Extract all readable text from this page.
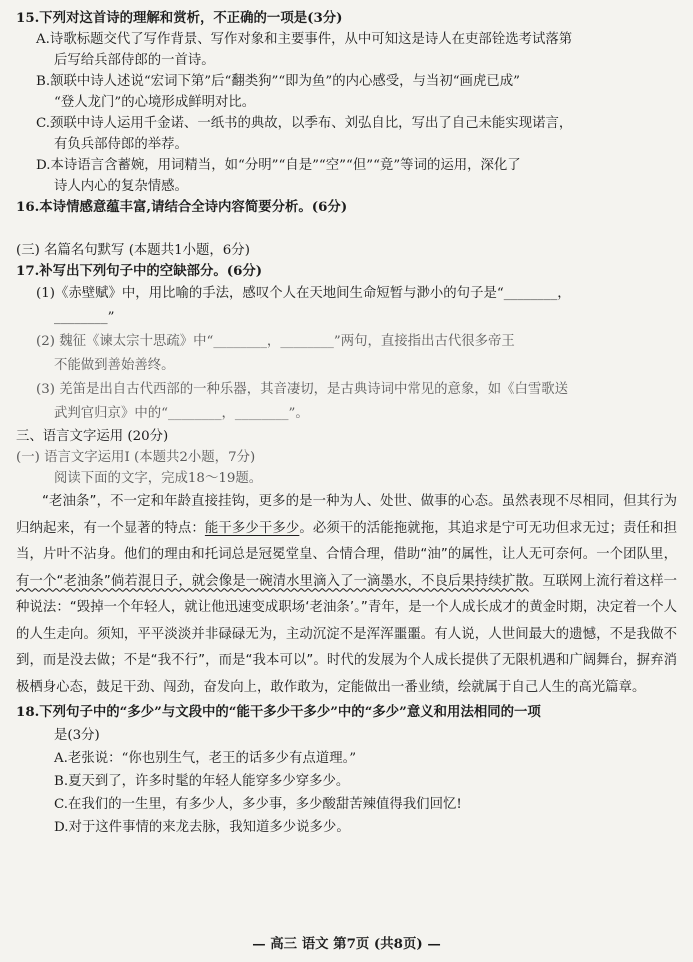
15.下列对这首诗的理解和赏析，不正确的一项是(3分)
A.诗歌标题交代了写作背景、写作对象和主要事件，从中可知这是诗人在吏部铨选考试落第
后写给兵部侍郎的一首诗。
B.颔联中诗人述说“宏词下第”后“翻类狗”“即为鱼”的内心感受，与当初“画虎已成”
“登人龙门”的心境形成鲜明对比。
C.颈联中诗人运用千金诺、一纸书的典故，以季布、刘弘自比，写出了自己未能实现诺言，
有负兵部侍郎的举荐。
D.本诗语言含蓄婉，用词精当，如“分明”“自是”“空”“但”“竟”等词的运用，深化了
诗人内心的复杂情感。
16.本诗情感意蕴丰富,请结合全诗内容简要分析。(6分)
(三) 名篇名句默写 (本题共1小题，6分)
17.补写出下列句子中的空缺部分。(6分)
(1)《赤壁赋》中，用比喻的手法，感叹个人在天地间生命短暂与渺小的句子是“________，
________”
(2) 魏征《谏太宗十思疏》中“________，________”两句，直接指出古代很多帝王
不能做到善始善终。
(3) 羌笛是出自古代西部的一种乐器，其音凄切，是古典诗词中常见的意象，如《白雪歌送
武判官归京》中的“________，________”。
三、语言文字运用 (20分)
(一) 语言文字运用Ⅰ (本题共2小题，7分)
阅读下面的文字，完成18～19题。
“老油条”，不一定和年龄直接挂钩，更多的是一种为人、处世、做事的心态。虽然表现不尽相同，但其行为归纳起来，有一个显著的特点：能干多少干多少。必须干的活能拖就拖，其追求是宁可无功但求无过；责任和担当，片叶不沾身。他们的理由和托词总是冠冕堂皇、合情合理，借助“油”的属性，让人无可奈何。一个团队里，有一个“老油条”倘若混日子，就会像是一碗清水里滴入了一滴墨水，不良后果持续扩散。互联网上流行着这样一种说法：“毁掉一个年轻人，就让他迅速变成职场‘老油条’。”青年，是一个人成长成才的黄金时期，决定着一个人的人生走向。须知，平平淡淡并非碌碌无为，主动沉淀不是浑浑噩噩。有人说，人世间最大的遗憾，不是我做不到，而是没去做；不是“我不行”，而是“我本可以”。时代的发展为个人成长提供了无限机遇和广阔舞台，摒弃消极栖身心态，鼓足干劲、闯劲，奋发向上，敢作敢为，定能做出一番业绩，绘就属于自己人生的高光篇章。
18.下列句子中的“多少”与文段中的“能干多少干多少”中的“多少”意义和用法相同的一项
是(3分)
A.老张说：“你也别生气，老王的话多少有点道理。”
B.夏天到了，许多时髦的年轻人能穿多少穿多少。
C.在我们的一生里，有多少人，多少事，多少酸甜苦辣值得我们回忆!
D.对于这件事情的来龙去脉，我知道多少说多少。
— 高三 语文 第7页 (共8页) —
